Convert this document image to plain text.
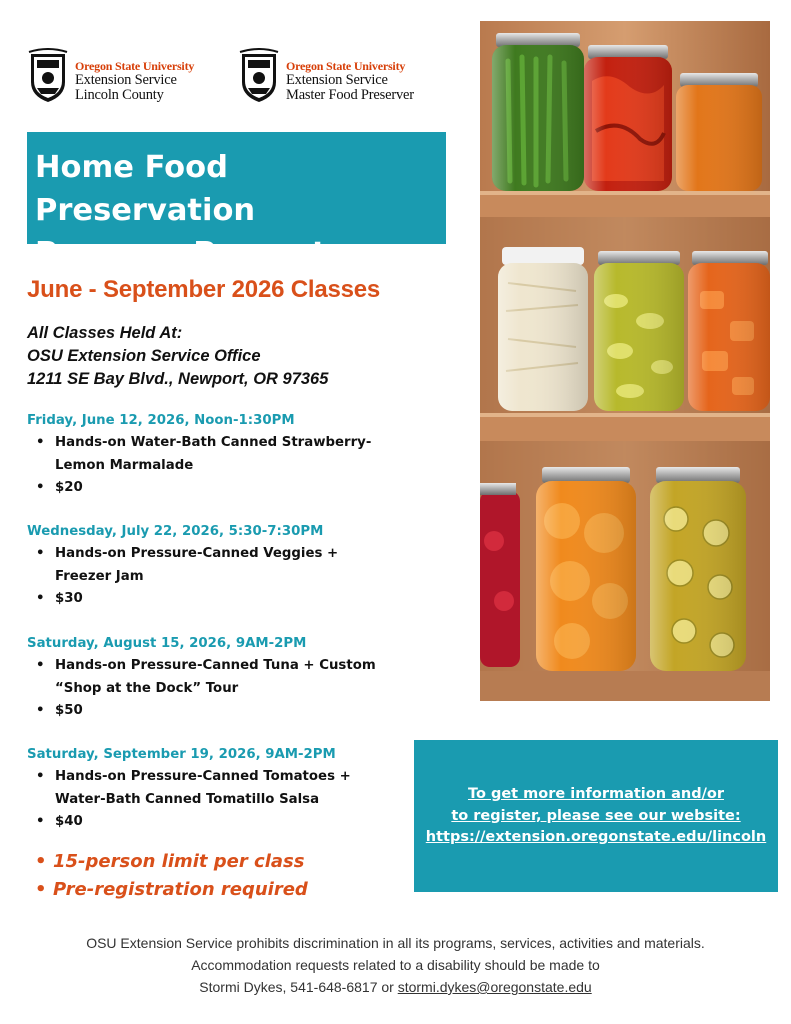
Oregon State University
Extension Service
Lincoln County
Oregon State University
Extension Service
Master Food Preserver
Home Food Preservation
Program Presents:
June - September 2026 Classes
All Classes Held At:
OSU Extension Service Office
1211 SE Bay Blvd., Newport, OR 97365
Friday, June 12, 2026, Noon-1:30PM
• Hands-on Water-Bath Canned Strawberry-
Lemon Marmalade
• $20
Wednesday, July 22, 2026, 5:30-7:30PM
• Hands-on Pressure-Canned Veggies +
Freezer Jam
• $30
Saturday, August 15, 2026, 9AM-2PM
• Hands-on Pressure-Canned Tuna + Custom
“Shop at the Dock” Tour
• $50
Saturday, September 19, 2026, 9AM-2PM
• Hands-on Pressure-Canned Tomatoes +
Water-Bath Canned Tomatillo Salsa
• $40
• 15-person limit per class
• Pre-registration required
To get more information and/or
to register, please see our website:
https://extension.oregonstate.edu/lincoln
OSU Extension Service prohibits discrimination in all its programs, services, activities and materials.
Accommodation requests related to a disability should be made to
Stormi Dykes, 541-648-6817 or stormi.dykes@oregonstate.edu
